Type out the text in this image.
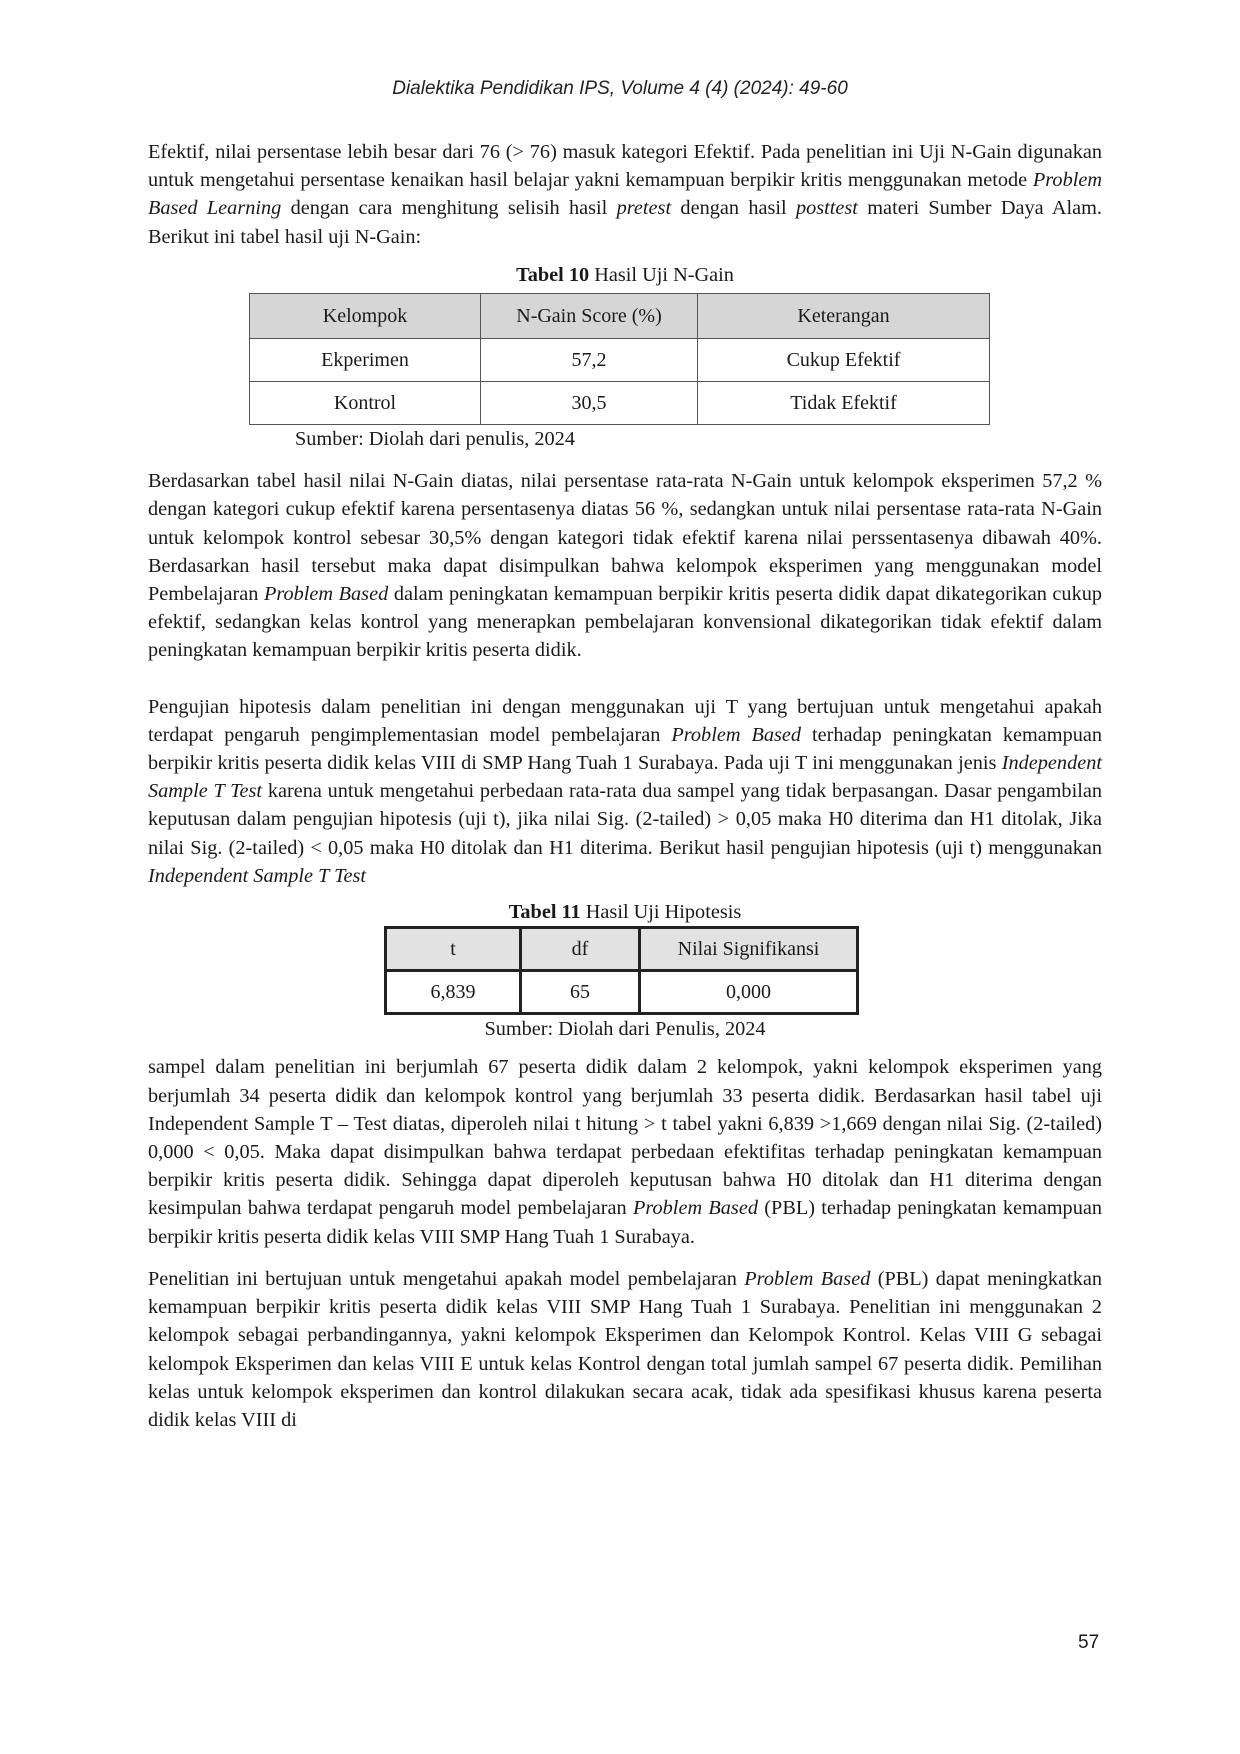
Dialektika Pendidikan IPS, Volume 4 (4) (2024): 49-60

Efektif, nilai persentase lebih besar dari 76 (> 76) masuk kategori Efektif. Pada penelitian ini Uji N-Gain digunakan untuk mengetahui persentase kenaikan hasil belajar yakni kemampuan berpikir kritis menggunakan metode Problem Based Learning dengan cara menghitung selisih hasil pretest dengan hasil posttest materi Sumber Daya Alam. Berikut ini tabel hasil uji N-Gain:

Tabel 10 Hasil Uji N-Gain
Kelompok	N-Gain Score (%)	Keterangan
Ekperimen	57,2	Cukup Efektif
Kontrol	30,5	Tidak Efektif

Sumber: Diolah dari penulis, 2024

Berdasarkan tabel hasil nilai N-Gain diatas, nilai persentase rata-rata N-Gain untuk kelompok eksperimen 57,2 % dengan kategori cukup efektif karena persentasenya diatas 56 %, sedangkan untuk nilai persentase rata-rata N-Gain untuk kelompok kontrol sebesar 30,5% dengan kategori tidak efektif karena nilai perssentasenya dibawah 40%. Berdasarkan hasil tersebut maka dapat disimpulkan bahwa kelompok eksperimen yang menggunakan model Pembelajaran Problem Based dalam peningkatan kemampuan berpikir kritis peserta didik dapat dikategorikan cukup efektif, sedangkan kelas kontrol yang menerapkan pembelajaran konvensional dikategorikan tidak efektif dalam peningkatan kemampuan berpikir kritis peserta didik.

Pengujian hipotesis dalam penelitian ini dengan menggunakan uji T yang bertujuan untuk mengetahui apakah terdapat pengaruh pengimplementasian model pembelajaran Problem Based terhadap peningkatan kemampuan berpikir kritis peserta didik kelas VIII di SMP Hang Tuah 1 Surabaya. Pada uji T ini menggunakan jenis Independent Sample T Test karena untuk mengetahui perbedaan rata-rata dua sampel yang tidak berpasangan. Dasar pengambilan keputusan dalam pengujian hipotesis (uji t), jika nilai Sig. (2-tailed) > 0,05 maka H0 diterima dan H1 ditolak, Jika nilai Sig. (2-tailed) < 0,05 maka H0 ditolak dan H1 diterima. Berikut hasil pengujian hipotesis (uji t) menggunakan Independent Sample T Test

Tabel 11 Hasil Uji Hipotesis
t	df	Nilai Signifikansi
6,839	65	0,000

Sumber: Diolah dari Penulis, 2024

sampel dalam penelitian ini berjumlah 67 peserta didik dalam 2 kelompok, yakni kelompok eksperimen yang berjumlah 34 peserta didik dan kelompok kontrol yang berjumlah 33 peserta didik. Berdasarkan hasil tabel uji Independent Sample T – Test diatas, diperoleh nilai t hitung > t tabel yakni 6,839 >1,669 dengan nilai Sig. (2-tailed) 0,000 < 0,05. Maka dapat disimpulkan bahwa terdapat perbedaan efektifitas terhadap peningkatan kemampuan berpikir kritis peserta didik. Sehingga dapat diperoleh keputusan bahwa H0 ditolak dan H1 diterima dengan kesimpulan bahwa terdapat pengaruh model pembelajaran Problem Based (PBL) terhadap peningkatan kemampuan berpikir kritis peserta didik kelas VIII SMP Hang Tuah 1 Surabaya.

Penelitian ini bertujuan untuk mengetahui apakah model pembelajaran Problem Based (PBL) dapat meningkatkan kemampuan berpikir kritis peserta didik kelas VIII SMP Hang Tuah 1 Surabaya. Penelitian ini menggunakan 2 kelompok sebagai perbandingannya, yakni kelompok Eksperimen dan Kelompok Kontrol. Kelas VIII G sebagai kelompok Eksperimen dan kelas VIII E untuk kelas Kontrol dengan total jumlah sampel 67 peserta didik. Pemilihan kelas untuk kelompok eksperimen dan kontrol dilakukan secara acak, tidak ada spesifikasi khusus karena peserta didik kelas VIII di

57
